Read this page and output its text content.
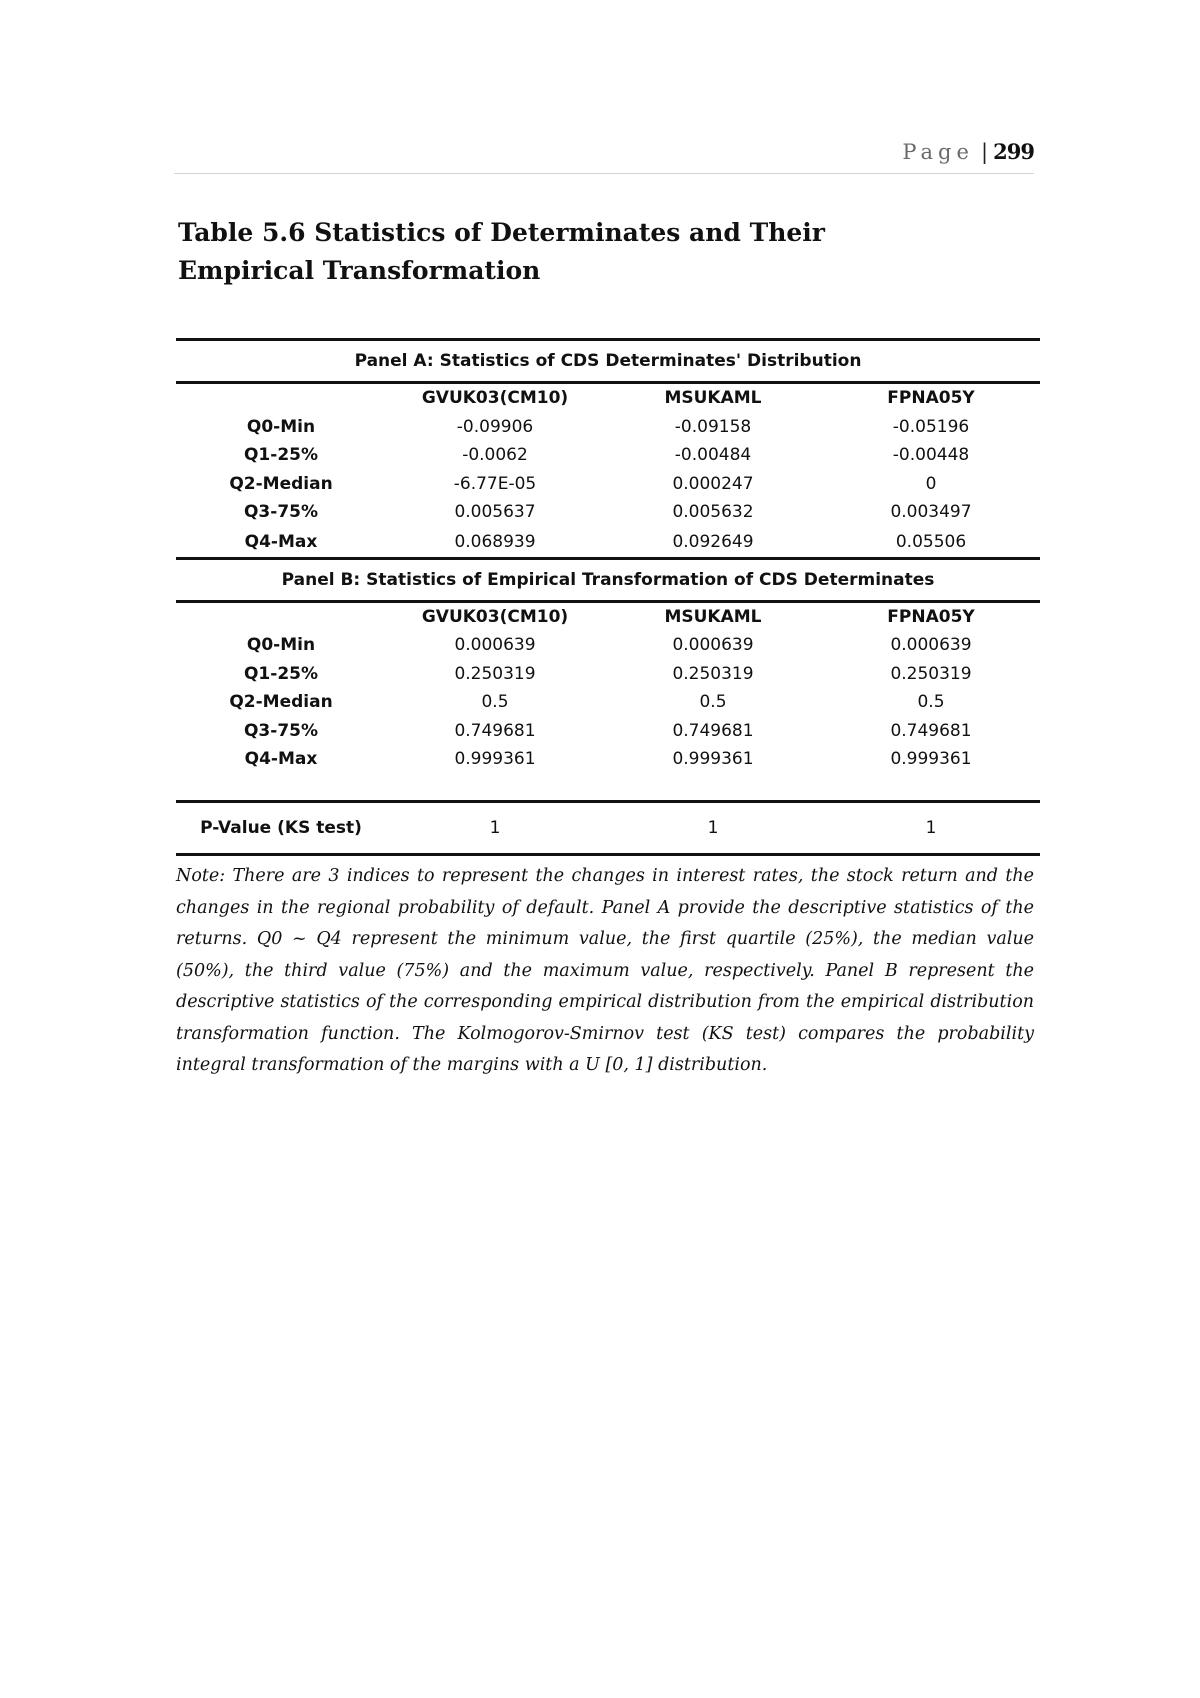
Page | 299
Table 5.6 Statistics of Determinates and Their Empirical Transformation
Panel A: Statistics of CDS Determinates' Distribution			
	GVUK03(CM10)	MSUKAML	FPNA05Y
Q0-Min	-0.09906	-0.09158	-0.05196
Q1-25%	-0.0062	-0.00484	-0.00448
Q2-Median	-6.77E-05	0.000247	0
Q3-75%	0.005637	0.005632	0.003497
Q4-Max	0.068939	0.092649	0.05506
Panel B: Statistics of Empirical Transformation of CDS Determinates			
	GVUK03(CM10)	MSUKAML	FPNA05Y
Q0-Min	0.000639	0.000639	0.000639
Q1-25%	0.250319	0.250319	0.250319
Q2-Median	0.5	0.5	0.5
Q3-75%	0.749681	0.749681	0.749681
Q4-Max	0.999361	0.999361	0.999361

P-Value (KS test)	1	1	1

Note: There are 3 indices to represent the changes in interest rates, the stock return and the changes in the regional probability of default. Panel A provide the descriptive statistics of the returns. Q0 ~ Q4 represent the minimum value, the first quartile (25%), the median value (50%), the third value (75%) and the maximum value, respectively. Panel B represent the descriptive statistics of the corresponding empirical distribution from the empirical distribution transformation function. The Kolmogorov-Smirnov test (KS test) compares the probability integral transformation of the margins with a U [0, 1] distribution.
